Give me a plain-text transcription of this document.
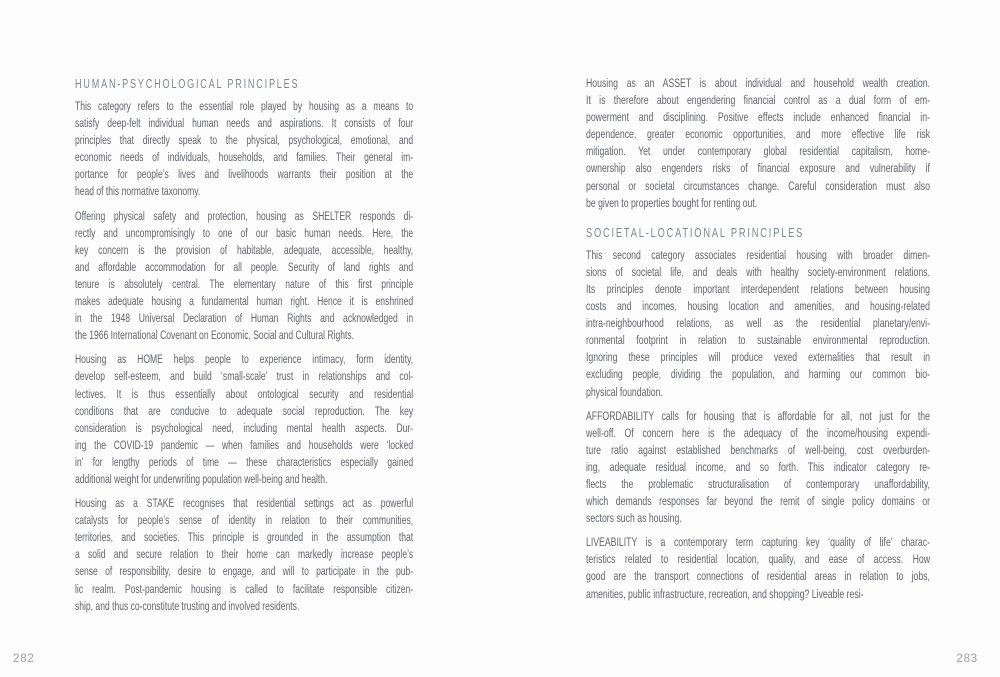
HUMAN-PSYCHOLOGICAL PRINCIPLES
This category refers to the essential role played by housing as a means to
satisfy deep-felt individual human needs and aspirations. It consists of four
principles that directly speak to the physical, psychological, emotional, and
economic needs of individuals, households, and families. Their general im-
portance for people’s lives and livelihoods warrants their position at the
head of this normative taxonomy.
Offering physical safety and protection, housing as SHELTER responds di-
rectly and uncompromisingly to one of our basic human needs. Here, the
key concern is the provision of habitable, adequate, accessible, healthy,
and affordable accommodation for all people. Security of land rights and
tenure is absolutely central. The elementary nature of this first principle
makes adequate housing a fundamental human right. Hence it is enshrined
in the 1948 Universal Declaration of Human Rights and acknowledged in
the 1966 International Covenant on Economic, Social and Cultural Rights.
Housing as HOME helps people to experience intimacy, form identity,
develop self-esteem, and build ‘small-scale’ trust in relationships and col-
lectives. It is thus essentially about ontological security and residential
conditions that are conducive to adequate social reproduction. The key
consideration is psychological need, including mental health aspects. Dur-
ing the COVID-19 pandemic — when families and households were ‘locked
in’ for lengthy periods of time — these characteristics especially gained
additional weight for underwriting population well-being and health.
Housing as a STAKE recognises that residential settings act as powerful
catalysts for people’s sense of identity in relation to their communities,
territories, and societies. This principle is grounded in the assumption that
a solid and secure relation to their home can markedly increase people’s
sense of responsibility, desire to engage, and will to participate in the pub-
lic realm. Post-pandemic housing is called to facilitate responsible citizen-
ship, and thus co-constitute trusting and involved residents.
Housing as an ASSET is about individual and household wealth creation.
It is therefore about engendering financial control as a dual form of em-
powerment and disciplining. Positive effects include enhanced financial in-
dependence, greater economic opportunities, and more effective life risk
mitigation. Yet under contemporary global residential capitalism, home-
ownership also engenders risks of financial exposure and vulnerability if
personal or societal circumstances change. Careful consideration must also
be given to properties bought for renting out.
SOCIETAL-LOCATIONAL PRINCIPLES
This second category associates residential housing with broader dimen-
sions of societal life, and deals with healthy society-environment relations.
Its principles denote important interdependent relations between housing
costs and incomes, housing location and amenities, and housing-related
intra-neighbourhood relations, as well as the residential planetary/envi-
ronmental footprint in relation to sustainable environmental reproduction.
Ignoring these principles will produce vexed externalities that result in
excluding people, dividing the population, and harming our common bio-
physical foundation.
AFFORDABILITY calls for housing that is affordable for all, not just for the
well-off. Of concern here is the adequacy of the income/housing expendi-
ture ratio against established benchmarks of well-being, cost overburden-
ing, adequate residual income, and so forth. This indicator category re-
flects the problematic structuralisation of contemporary unaffordability,
which demands responses far beyond the remit of single policy domains or
sectors such as housing.
LIVEABILITY is a contemporary term capturing key ‘quality of life’ charac-
teristics related to residential location, quality, and ease of access. How
good are the transport connections of residential areas in relation to jobs,
amenities, public infrastructure, recreation, and shopping? Liveable resi-
282	283
